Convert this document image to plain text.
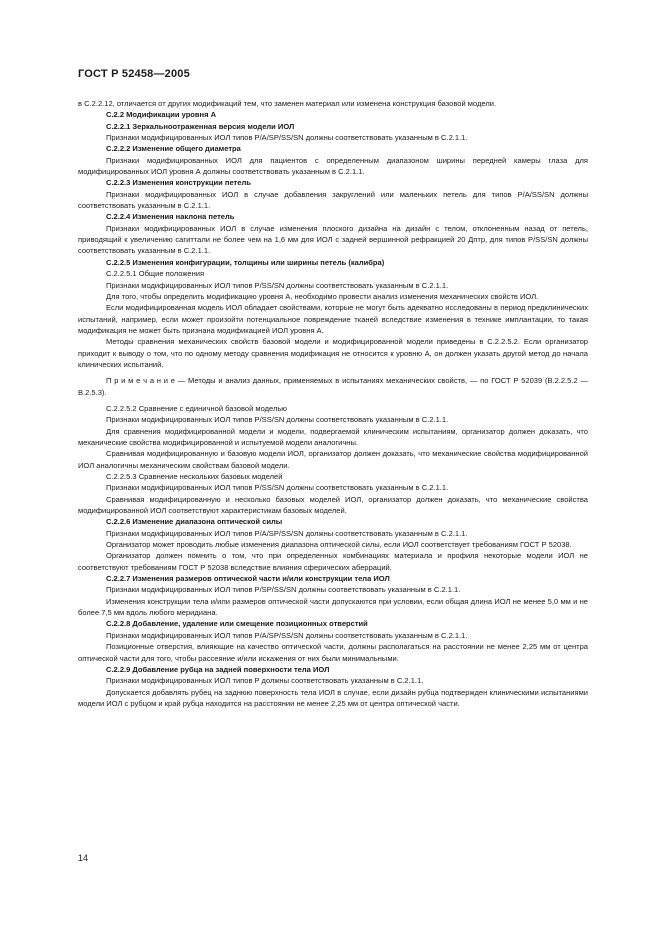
ГОСТ Р 52458—2005

в С.2.2.12, отличается от других модификаций тем, что заменен материал или изменена конструкция базовой модели.

С.2.2 Модификации уровня А

С.2.2.1 Зеркальноотраженная версия модели ИОЛ

Признаки модифицированных ИОЛ типов P/A/SP/SS/SN должны соответствовать указанным в С.2.1.1.

С.2.2.2 Изменение общего диаметра

Признаки модифицированных ИОЛ для пациентов с определенным диапазоном ширины передней камеры глаза для модифицированных ИОЛ уровня А должны соответствовать указанным в С.2.1.1.

С.2.2.3 Изменения конструкции петель

Признаки модифицированных ИОЛ в случае добавления закруглений или маленьких петель для типов P/A/SS/SN должны соответствовать указанным в С.2.1.1.

С.2.2.4 Изменения наклона петель

Признаки модифицированных ИОЛ в случае изменения плоского дизайна на дизайн с телом, отклоненным назад от петель, приводящий к увеличению сагиттали не более чем на 1,6 мм для ИОЛ с задней вершинной рефракцией 20 Дптр, для типов P/SS/SN должны соответствовать указанным в С.2.1.1.

С.2.2.5 Изменения конфигурации, толщины или ширины петель (калибра)

С.2.2.5.1 Общие положения

Признаки модифицированных ИОЛ типов P/SS/SN должны соответствовать указанным в С.2.1.1.

Для того, чтобы определить модификацию уровня А, необходимо провести анализ изменения механических свойств ИОЛ.

Если модифицированная модель ИОЛ обладает свойствами, которые не могут быть адекватно исследованы в период предклинических испытаний, например, если может произойти потенциальное повреждение тканей вследствие изменения в технике имплантации, то такая модификация не может быть признана модификацией ИОЛ уровня А.

Методы сравнения механических свойств базовой модели и модифицированной модели приведены в С.2.2.5.2. Если организатор приходит к выводу о том, что по одному методу сравнения модификация не относится к уровню А, он должен указать другой метод до начала клинических испытаний.

П р и м е ч а н и е — Методы и анализ данных, применяемых в испытаниях механических свойств, — по ГОСТ Р 52039 (В.2.2.5.2 — В.2.5.3).

С.2.2.5.2 Сравнение с единичной базовой моделью

Признаки модифицированных ИОЛ типов P/SS/SN должны соответствовать указанным в С.2.1.1.

Для сравнения модифицированной модели и модели, подвергаемой клиническим испытаниям, организатор должен доказать, что механические свойства модифицированной и испытуемой модели аналогичны.

Сравнивая модифицированную и базовую модели ИОЛ, организатор должен доказать, что механические свойства модифицированной ИОЛ аналогичны механическим свойствам базовой модели.

С.2.2.5.3 Сравнение нескольких базовых моделей

Признаки модифицированных ИОЛ типов P/SS/SN должны соответствовать указанным в С.2.1.1.

Сравнивая модифицированную и несколько базовых моделей ИОЛ, организатор должен доказать, что механические свойства модифицированной ИОЛ соответствуют характеристикам базовых моделей.

С.2.2.6 Изменение диапазона оптической силы

Признаки модифицированных ИОЛ типов P/A/SP/SS/SN должны соответствовать указанным в С.2.1.1.

Организатор может проводить любые изменения диапазона оптической силы, если ИОЛ соответствует требованиям ГОСТ Р 52038.

Организатор должен помнить о том, что при определенных комбинациях материала и профиля некоторые модели ИОЛ не соответствуют требованиям ГОСТ Р 52038 вследствие влияния сферических аберраций.

С.2.2.7 Изменения размеров оптической части и/или конструкции тела ИОЛ

Признаки модифицированных ИОЛ типов P/SP/SS/SN должны соответствовать указанным в С.2.1.1.

Изменения конструкции тела и/или размеров оптической части допускаются при условии, если общая длина ИОЛ не менее 5,0 мм и не более 7,5 мм вдоль любого меридиана.

С.2.2.8 Добавление, удаление или смещение позиционных отверстий

Признаки модифицированных ИОЛ типов P/A/SP/SS/SN должны соответствовать указанным в С.2.1.1.

Позиционные отверстия, влияющие на качество оптической части, должны располагаться на расстоянии не менее 2,25 мм от центра оптической части для того, чтобы рассеяние и/или искажения от них были минимальными.

С.2.2.9 Добавление рубца на задней поверхности тела ИОЛ

Признаки модифицированных ИОЛ типов P должны соответствовать указанным в С.2.1.1.

Допускается добавлять рубец на заднюю поверхность тела ИОЛ в случае, если дизайн рубца подтвержден клиническими испытаниями модели ИОЛ с рубцом и край рубца находится на расстоянии не менее 2,25 мм от центра оптической части.

14
